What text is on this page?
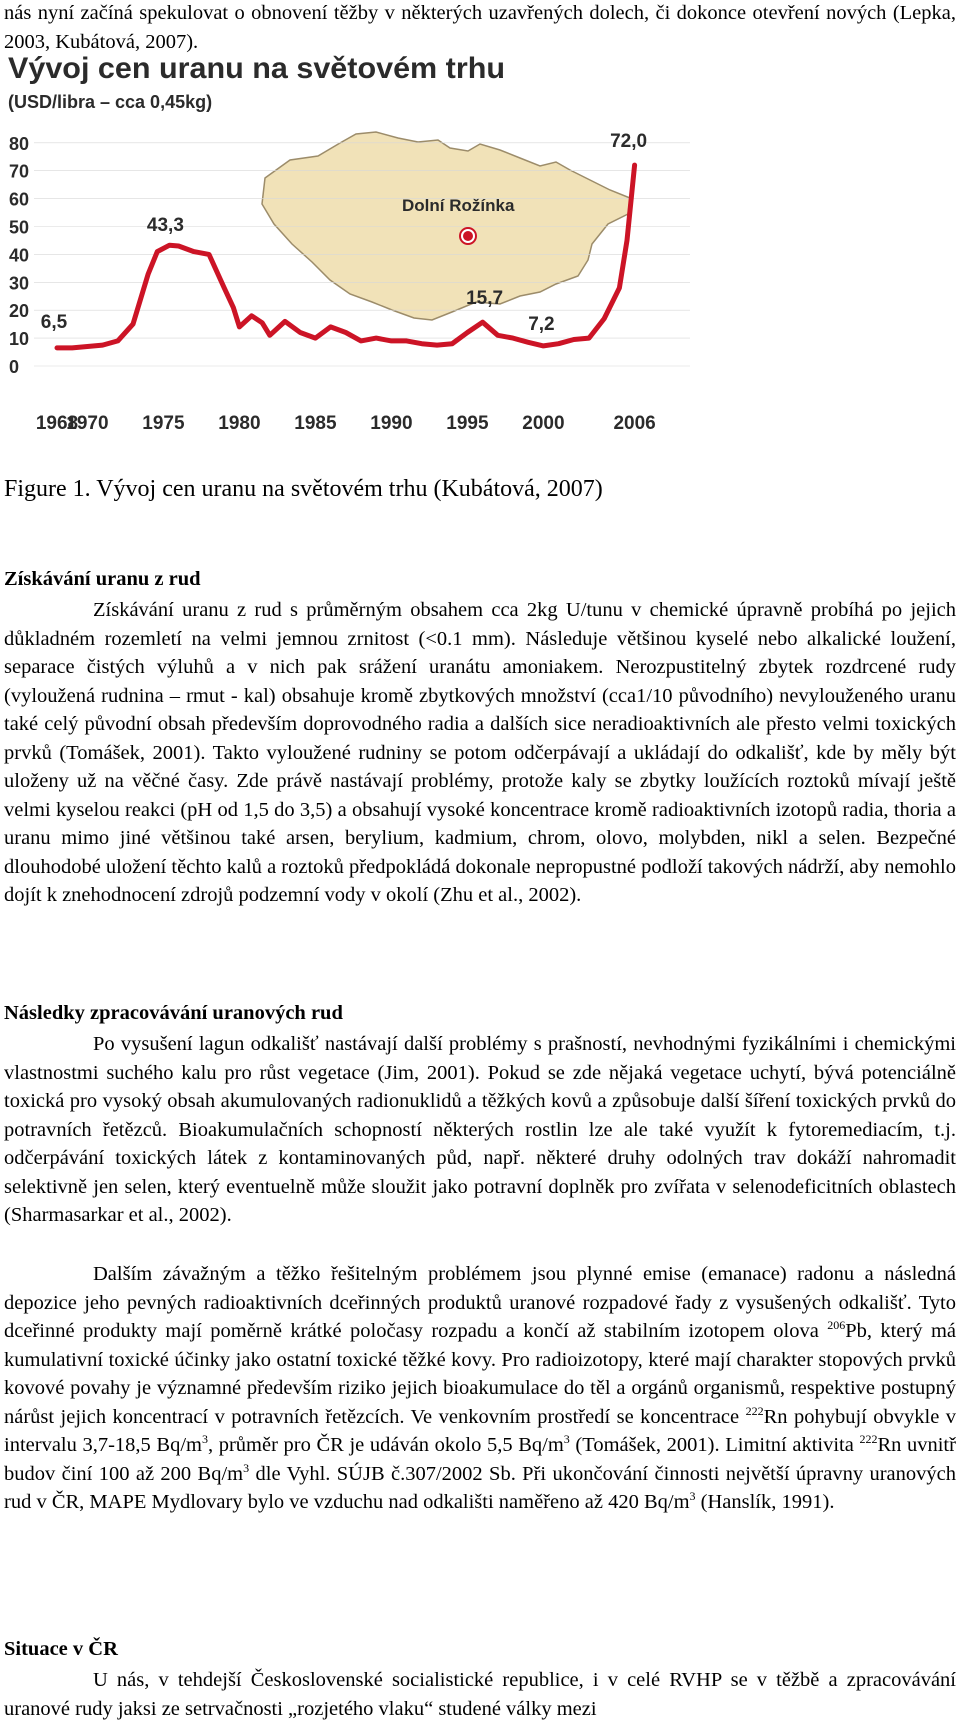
nás nyní začíná spekulovat o obnovení těžby v některých uzavřených dolech, či dokonce otevření nových (Lepka, 2003, Kubátová, 2007).

Vývoj cen uranu na světovém trhu
(USD/libra – cca 0,45kg)
Dolní Rožínka
0
10
20
30
40
50
60
70
80
1968
1970 1975 1980 1985 1990 1995 2000	2006
6,5
43,3
15,7
7,2
72,0
Figure 1. Vývoj cen uranu na světovém trhu (Kubátová, 2007)
Získávání uranu z rud

Získávání uranu z rud s průměrným obsahem cca 2kg U/tunu v chemické úpravně probíhá po jejich důkladném rozemletí na velmi jemnou zrnitost (<0.1 mm). Následuje většinou kyselé nebo alkalické loužení, separace čistých výluhů a v nich pak srážení uranátu amoniakem. Nerozpustitelný zbytek rozdrcené rudy (vyloužená rudnina – rmut - kal) obsahuje kromě zbytkových množství (cca1/10 původního) nevylouženého uranu také celý původní obsah především doprovodného radia a dalších sice neradioaktivních ale přesto velmi toxických prvků (Tomášek, 2001). Takto vyloužené rudniny se potom odčerpávají a ukládají do odkališť, kde by měly být uloženy už na věčné časy. Zde právě nastávají problémy, protože kaly se zbytky loužících roztoků mívají ještě velmi kyselou reakci (pH od 1,5 do 3,5) a obsahují vysoké koncentrace kromě radioaktivních izotopů radia, thoria a uranu mimo jiné většinou také arsen, berylium, kadmium, chrom, olovo, molybden, nikl a selen. Bezpečné dlouhodobé uložení těchto kalů a roztoků předpokládá dokonale nepropustné podloží takových nádrží, aby nemohlo dojít k znehodnocení zdrojů podzemní vody v okolí (Zhu et al., 2002).

Následky zpracovávání uranových rud

Po vysušení lagun odkališť nastávají další problémy s prašností, nevhodnými fyzikálními i chemickými vlastnostmi suchého kalu pro růst vegetace (Jim, 2001). Pokud se zde nějaká vegetace uchytí, bývá potenciálně toxická pro vysoký obsah akumulovaných radionuklidů a těžkých kovů a způsobuje další šíření toxických prvků do potravních řetězců. Bioakumulačních schopností některých rostlin lze ale také využít k fytoremediacím, t.j. odčerpávání toxických látek z kontaminovaných půd, např. některé druhy odolných trav dokáží nahromadit selektivně jen selen, který eventuelně může sloužit jako potravní doplněk pro zvířata v selenodeficitních oblastech (Sharmasarkar et al., 2002).

Dalším závažným a těžko řešitelným problémem jsou plynné emise (emanace) radonu a následná depozice jeho pevných radioaktivních dceřinných produktů uranové rozpadové řady z vysušených odkališť. Tyto dceřinné produkty mají poměrně krátké poločasy rozpadu a končí až stabilním izotopem olova $^{206}$Pb, který má kumulativní toxické účinky jako ostatní toxické těžké kovy. Pro radioizotopy, které mají charakter stopových prvků kovové povahy je významné především riziko jejich bioakumulace do těl a orgánů organismů, respektive postupný nárůst jejich koncentrací v potravních řetězcích. Ve venkovním prostředí se koncentrace $^{222}$Rn pohybují obvykle v intervalu 3,7-18,5 $Bq/m^3$, průměr pro ČR je udáván okolo 5,5 $Bq/m^3$ (Tomášek, 2001). Limitní aktivita $^{222}$Rn uvnitř budov činí 100 až 200 $Bq/m^3$ dle Vyhl. SÚJB č.307/2002 Sb. Při ukončování činnosti největší úpravny uranových rud v ČR, MAPE Mydlovary bylo ve vzduchu nad odkališti naměřeno až 420 $Bq/m^3$ (Hanslík, 1991).

Situace v ČR

U nás, v tehdejší Československé socialistické republice, i v celé RVHP se v těžbě a zpracovávání uranové rudy jaksi ze setrvačnosti „rozjetého vlaku“ studené války mezi
